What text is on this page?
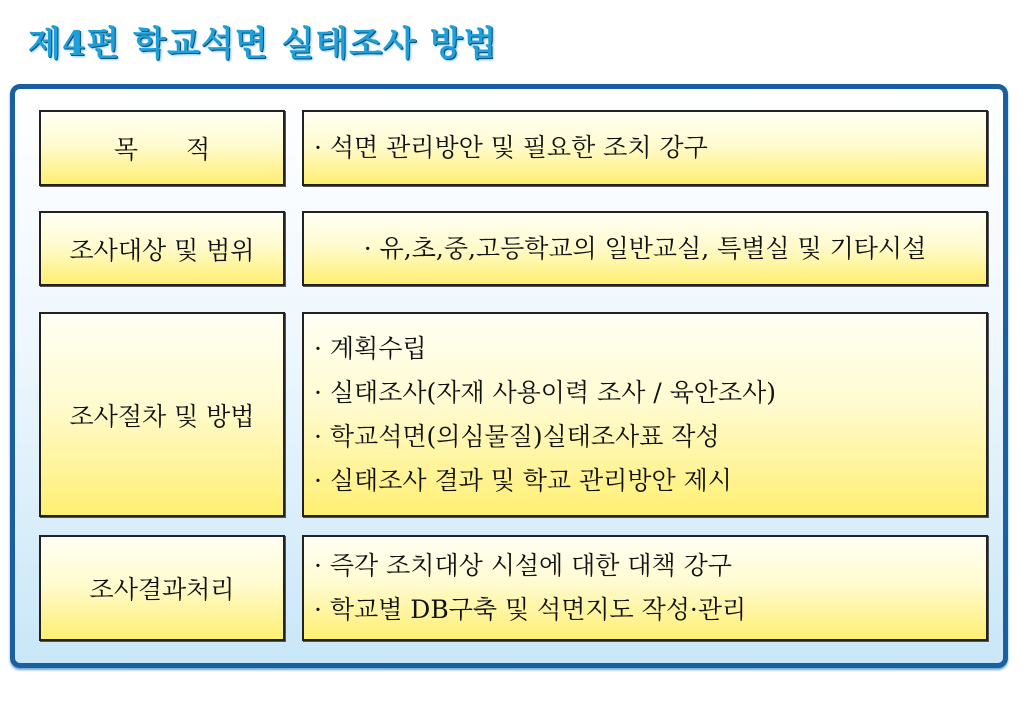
제4편 학교석면 실태조사 방법
목 적	· 석면 관리방안 및 필요한 조치 강구
조사대상 및 범위	· 유,초,중,고등학교의 일반교실, 특별실 및 기타시설
조사절차 및 방법
· 계획수립
· 실태조사(자재 사용이력 조사 / 육안조사)
· 학교석면(의심물질)실태조사표 작성
· 실태조사 결과 및 학교 관리방안 제시
조사결과처리
· 즉각 조치대상 시설에 대한 대책 강구
· 학교별 DB구축 및 석면지도 작성·관리
